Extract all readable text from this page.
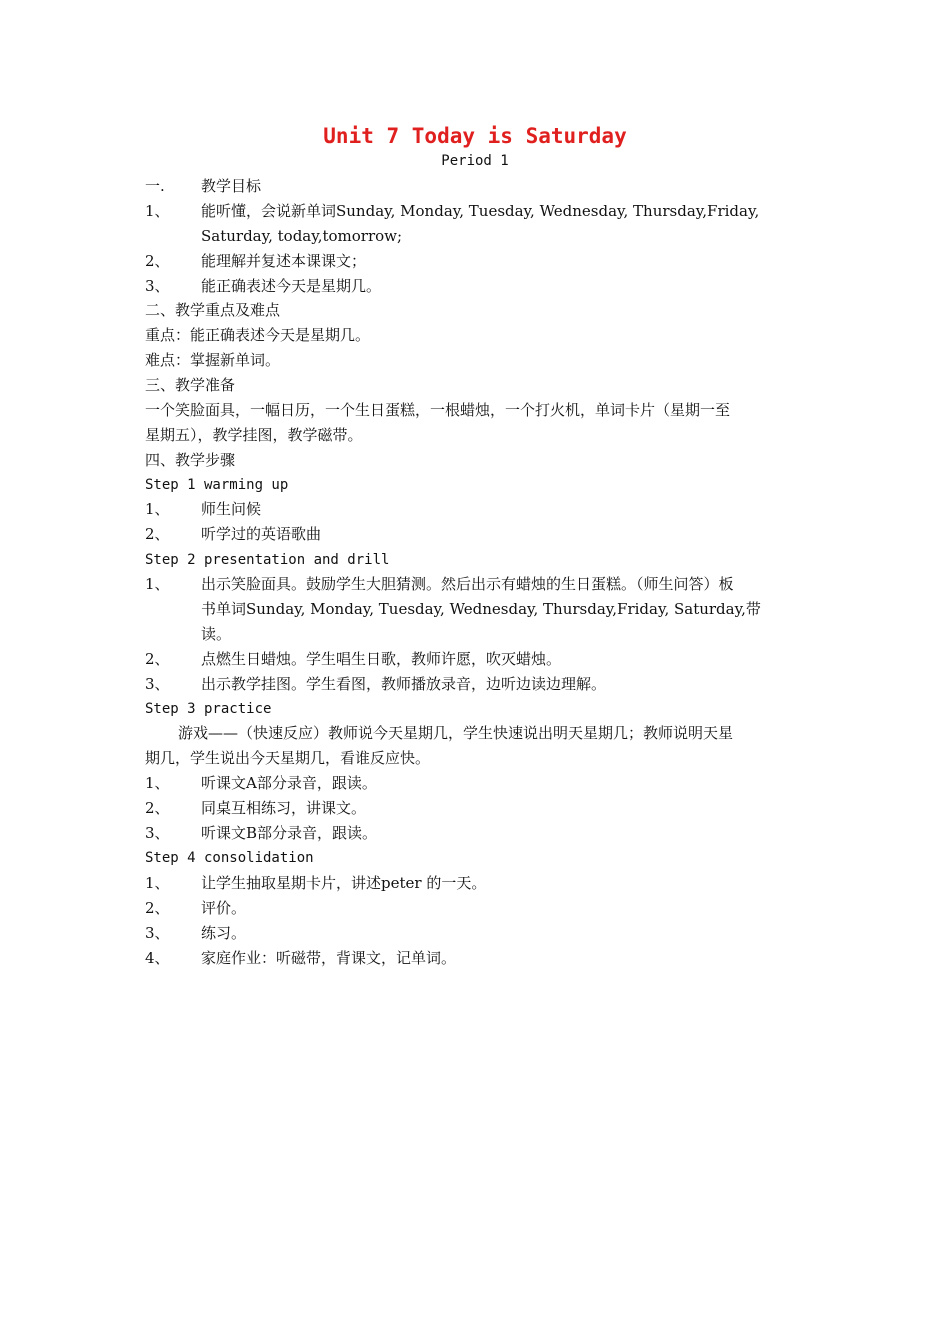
Unit 7 Today is Saturday
Period 1
一. 教学目标
1、 能听懂，会说新单词Sunday, Monday, Tuesday, Wednesday, Thursday,Friday,
Saturday, today,tomorrow;
2、 能理解并复述本课课文；
3、 能正确表述今天是星期几。
二、教学重点及难点
重点：能正确表述今天是星期几。
难点：掌握新单词。
三、教学准备
一个笑脸面具，一幅日历，一个生日蛋糕，一根蜡烛，一个打火机，单词卡片（星期一至
星期五），教学挂图，教学磁带。
四、教学步骤
Step 1 warming up
1、 师生问候
2、 听学过的英语歌曲
Step 2 presentation and drill
1、 出示笑脸面具。鼓励学生大胆猜测。然后出示有蜡烛的生日蛋糕。（师生问答）板
书单词Sunday, Monday, Tuesday, Wednesday, Thursday,Friday, Saturday,带
读。
2、 点燃生日蜡烛。学生唱生日歌，教师许愿，吹灭蜡烛。
3、 出示教学挂图。学生看图，教师播放录音，边听边读边理解。
Step 3 practice
游戏——（快速反应）教师说今天星期几，学生快速说出明天星期几；教师说明天星
期几，学生说出今天星期几，看谁反应快。
1、 听课文A部分录音，跟读。
2、 同桌互相练习，讲课文。
3、 听课文B部分录音，跟读。
Step 4 consolidation
1、 让学生抽取星期卡片，讲述peter 的一天。
2、 评价。
3、 练习。
4、 家庭作业：听磁带，背课文，记单词。
